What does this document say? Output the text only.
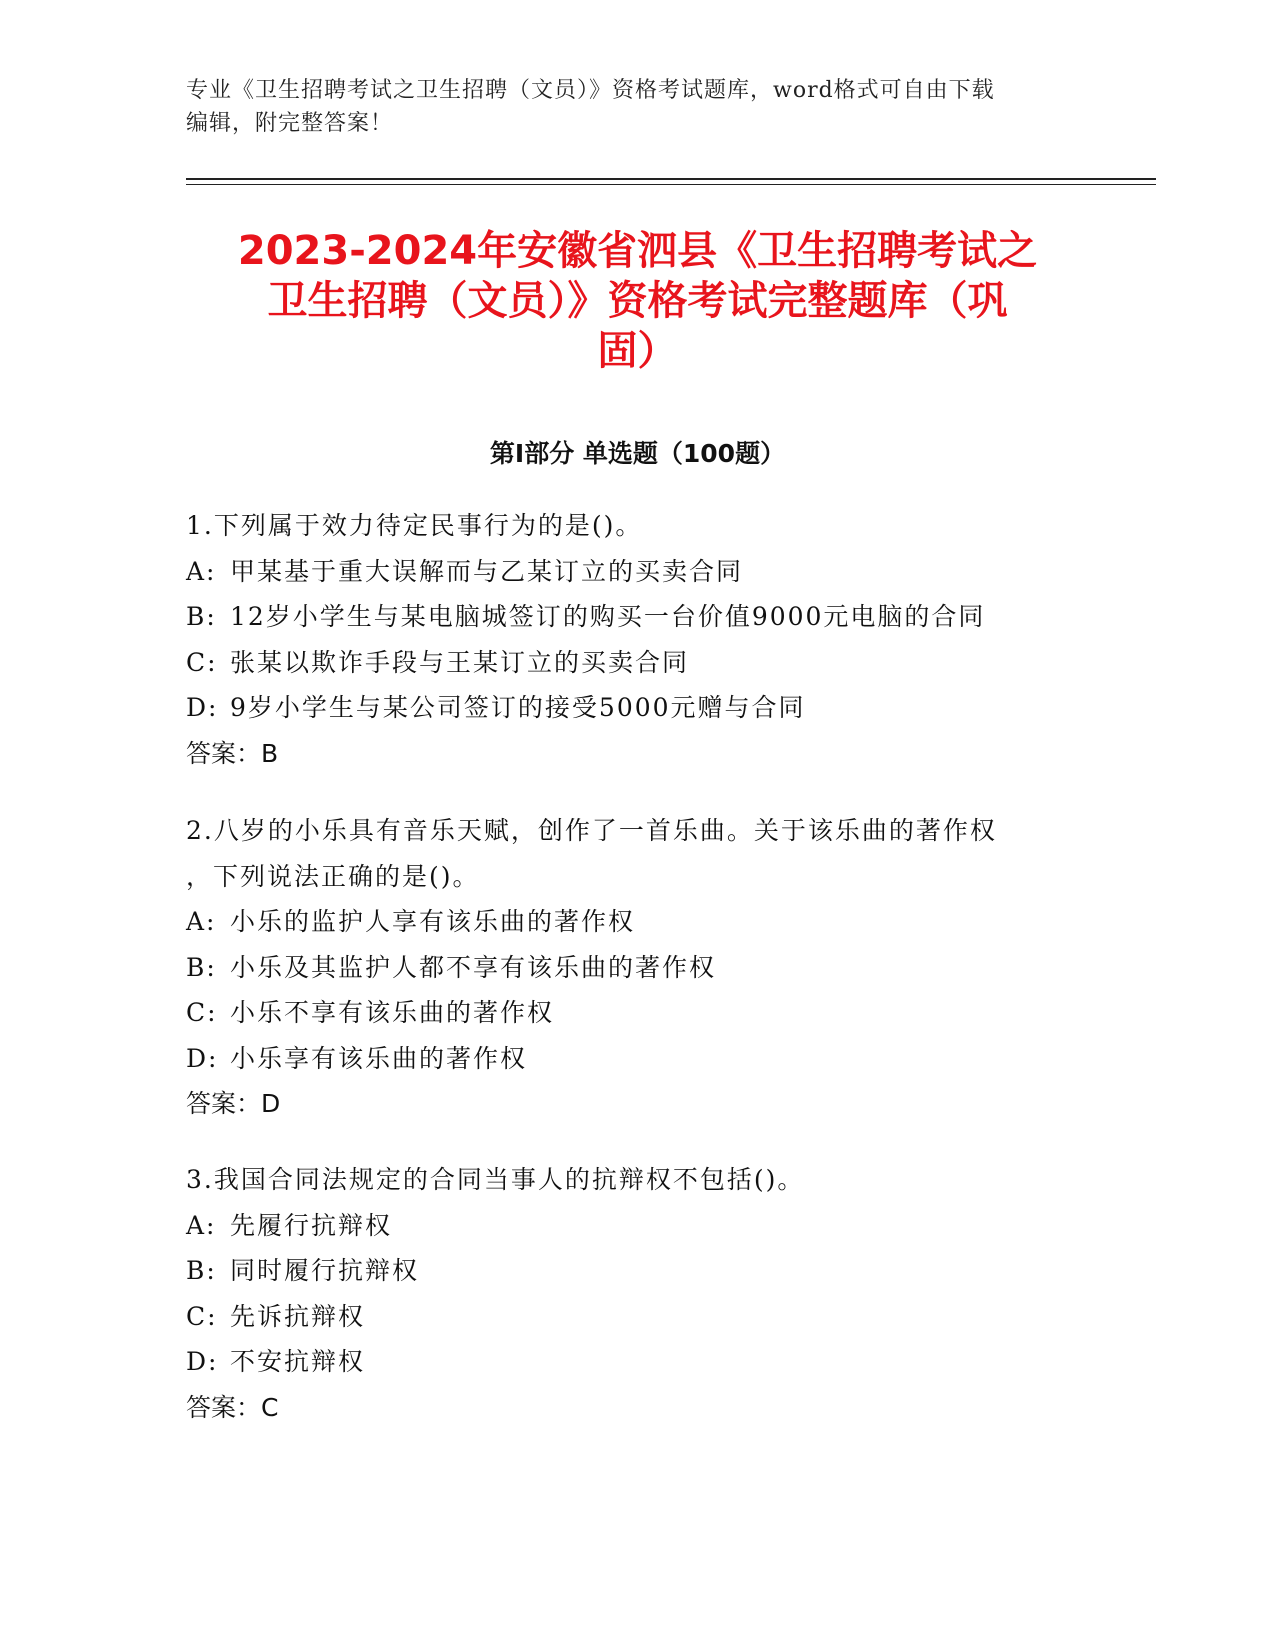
专业《卫生招聘考试之卫生招聘（文员）》资格考试题库，word格式可自由下载
编辑，附完整答案！
2023-2024年安徽省泗县《卫生招聘考试之
卫生招聘（文员）》资格考试完整题库（巩
固）
第Ⅰ部分 单选题（100题）
1.下列属于效力待定民事行为的是()。
A: 甲某基于重大误解而与乙某订立的买卖合同
B: 12岁小学生与某电脑城签订的购买一台价值9000元电脑的合同
C: 张某以欺诈手段与王某订立的买卖合同
D: 9岁小学生与某公司签订的接受5000元赠与合同
答案：B
2.八岁的小乐具有音乐天赋，创作了一首乐曲。关于该乐曲的著作权
，下列说法正确的是()。
A: 小乐的监护人享有该乐曲的著作权
B: 小乐及其监护人都不享有该乐曲的著作权
C: 小乐不享有该乐曲的著作权
D: 小乐享有该乐曲的著作权
答案：D
3.我国合同法规定的合同当事人的抗辩权不包括()。
A: 先履行抗辩权
B: 同时履行抗辩权
C: 先诉抗辩权
D: 不安抗辩权
答案：C
